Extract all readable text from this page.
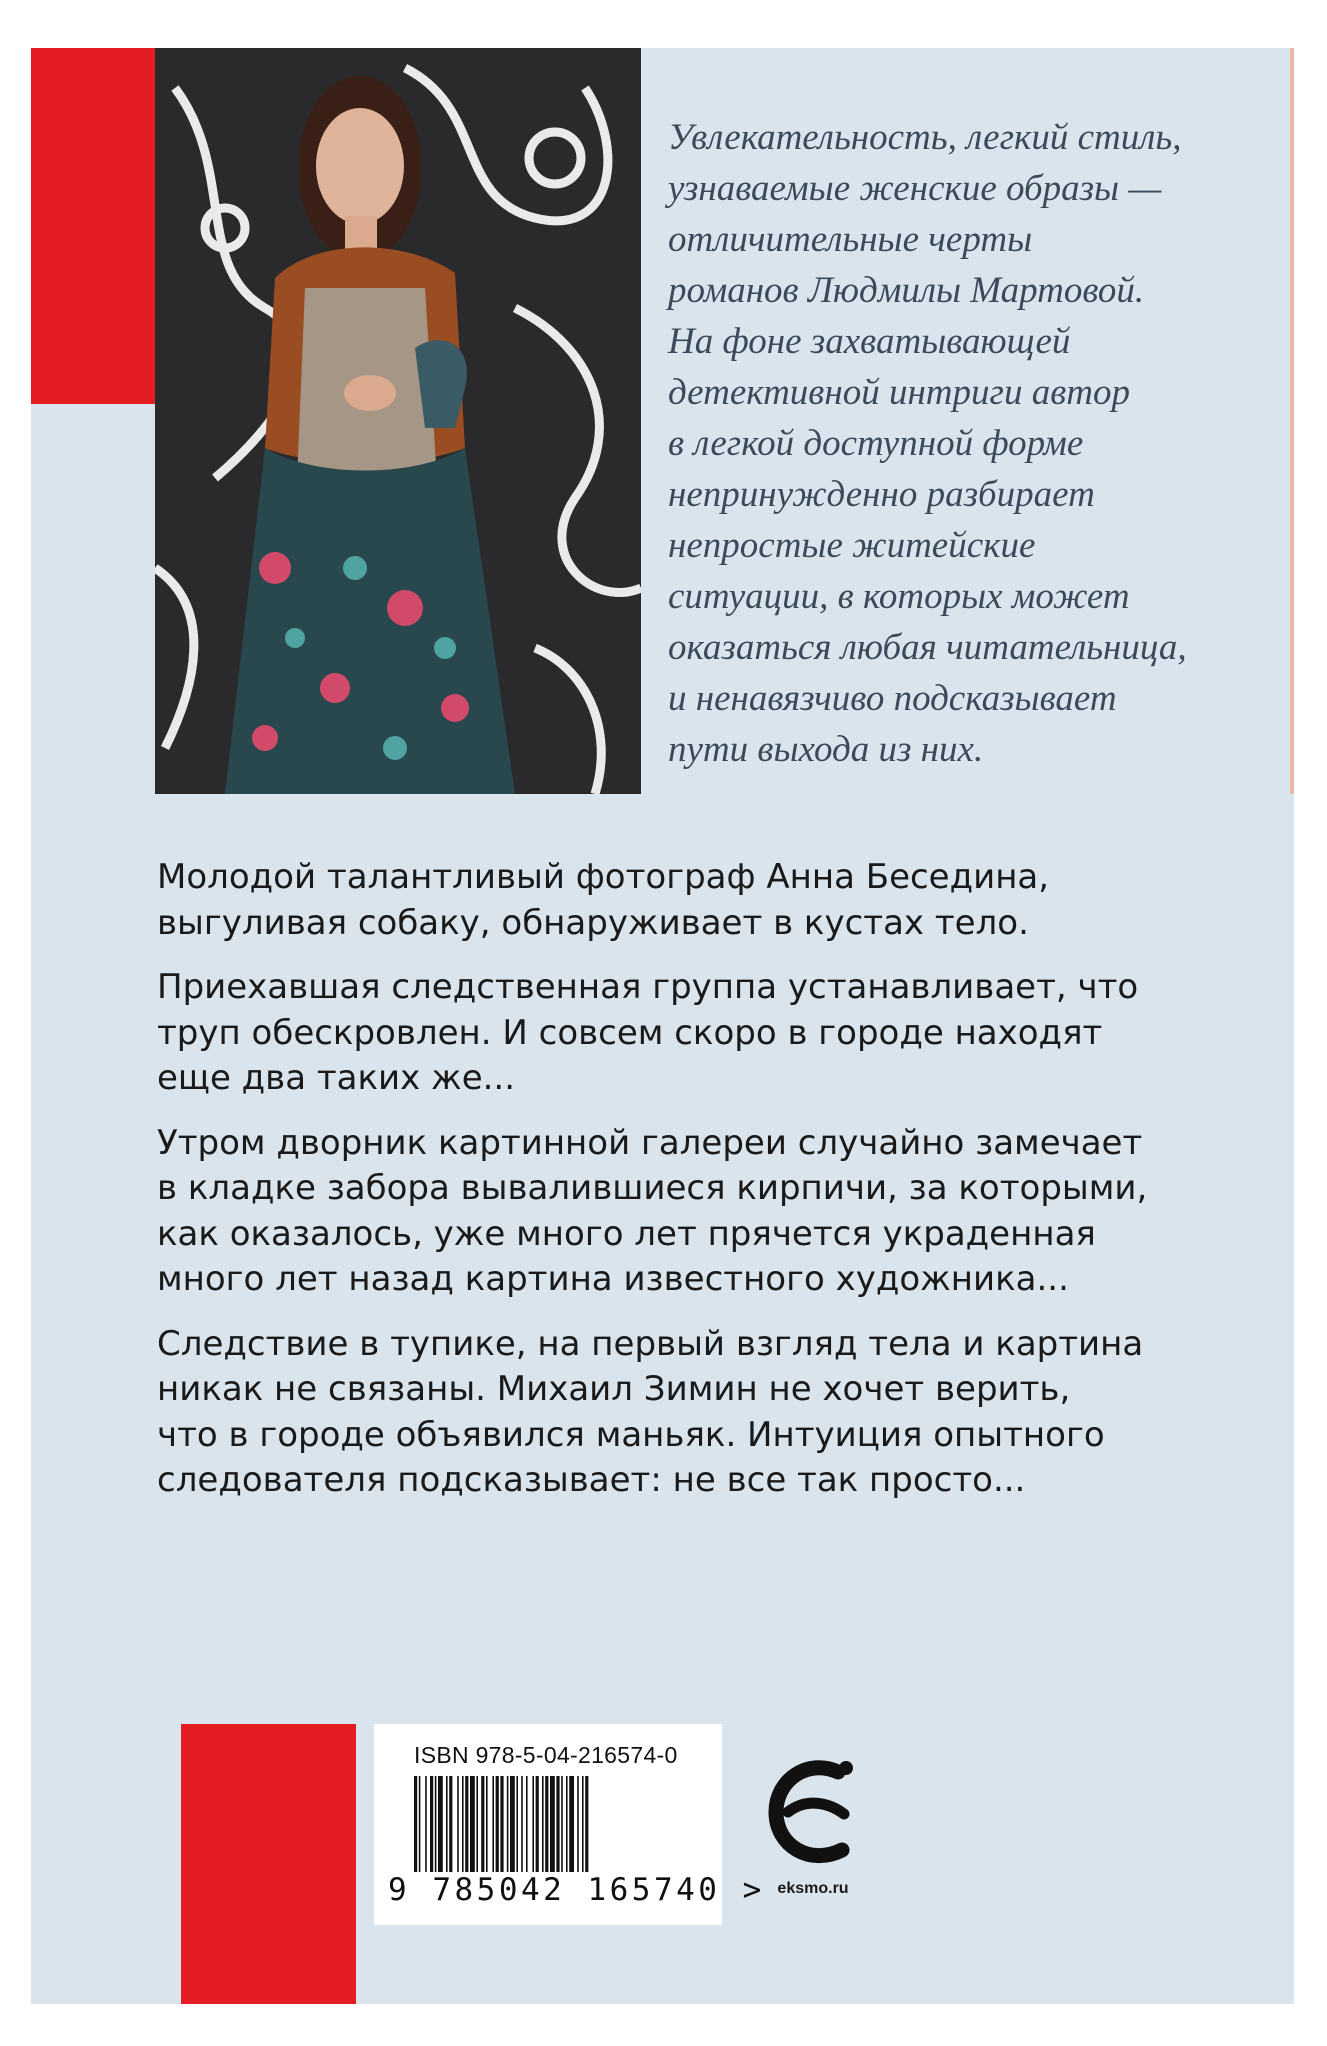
Увлекательность, легкий стиль,
узнаваемые женские образы —
отличительные черты
романов Людмилы Мартовой.
На фоне захватывающей
детективной интриги автор
в легкой доступной форме
непринужденно разбирает
непростые житейские
ситуации, в которых может
оказаться любая читательница,
и ненавязчиво подсказывает
пути выхода из них.

Молодой талантливый фотограф Анна Беседина,
выгуливая собаку, обнаруживает в кустах тело.

Приехавшая следственная группа устанавливает, что
труп обескровлен. И совсем скоро в городе находят
еще два таких же...

Утром дворник картинной галереи случайно замечает
в кладке забора вывалившиеся кирпичи, за которыми,
как оказалось, уже много лет прячется украденная
много лет назад картина известного художника...

Следствие в тупике, на первый взгляд тела и картина
никак не связаны. Михаил Зимин не хочет верить,
что в городе объявился маньяк. Интуиция опытного
следователя подсказывает: не все так просто...

ISBN 978-5-04-216574-0
9 785042 165740 > eksmo.ru
